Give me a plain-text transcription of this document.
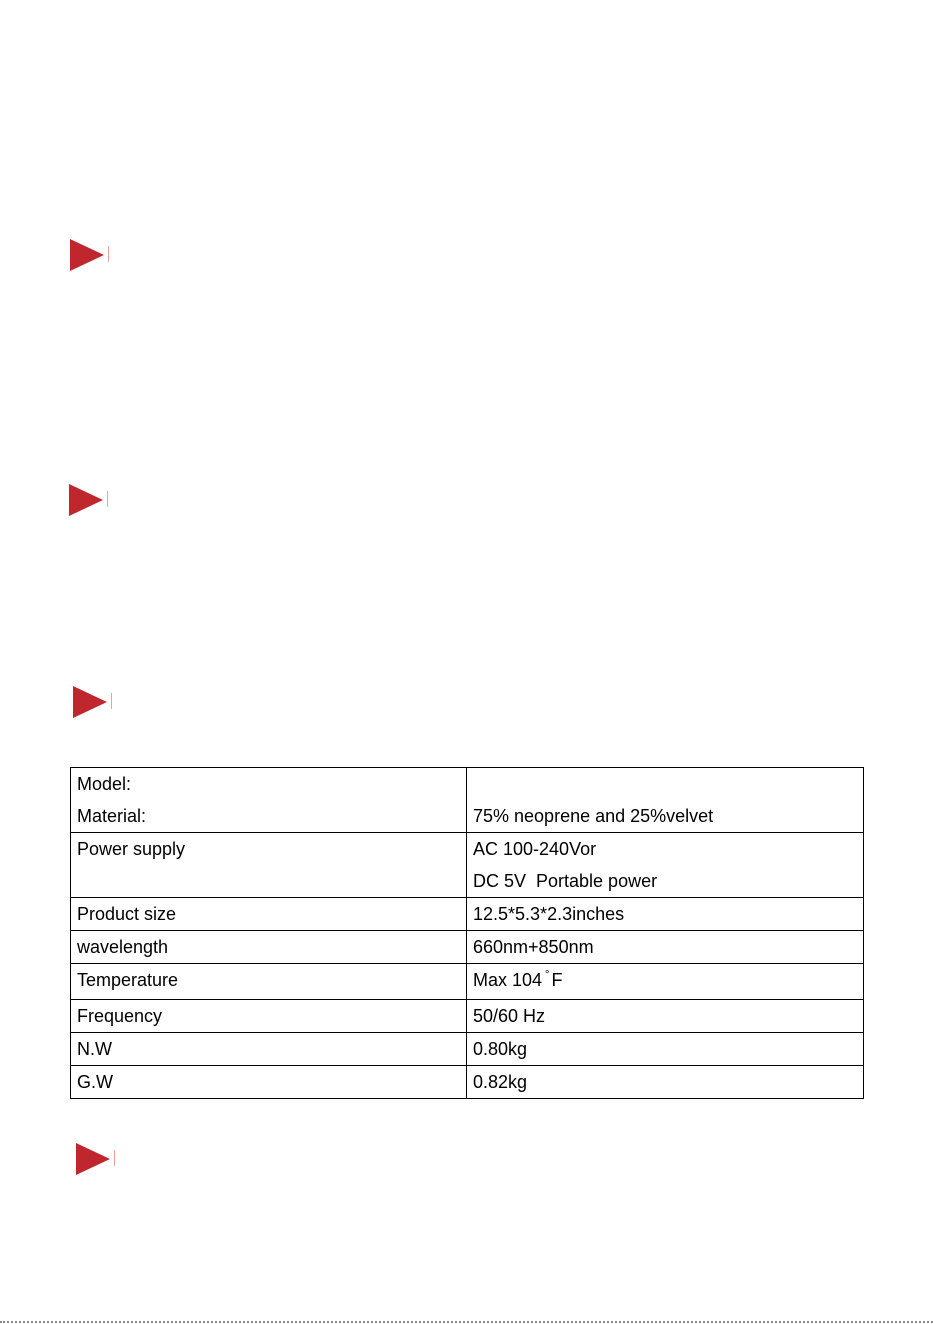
Model:
Material:	75% neoprene and 25%velvet

Power supply	AC 100-240Vor
DC 5V  Portable power

Product size	12.5*5.3*2.3inches
wavelength	660nm+850nm
Temperature	Max 104 ° F
Frequency	50/60 Hz
N.W	0.80kg
G.W	0.82kg
